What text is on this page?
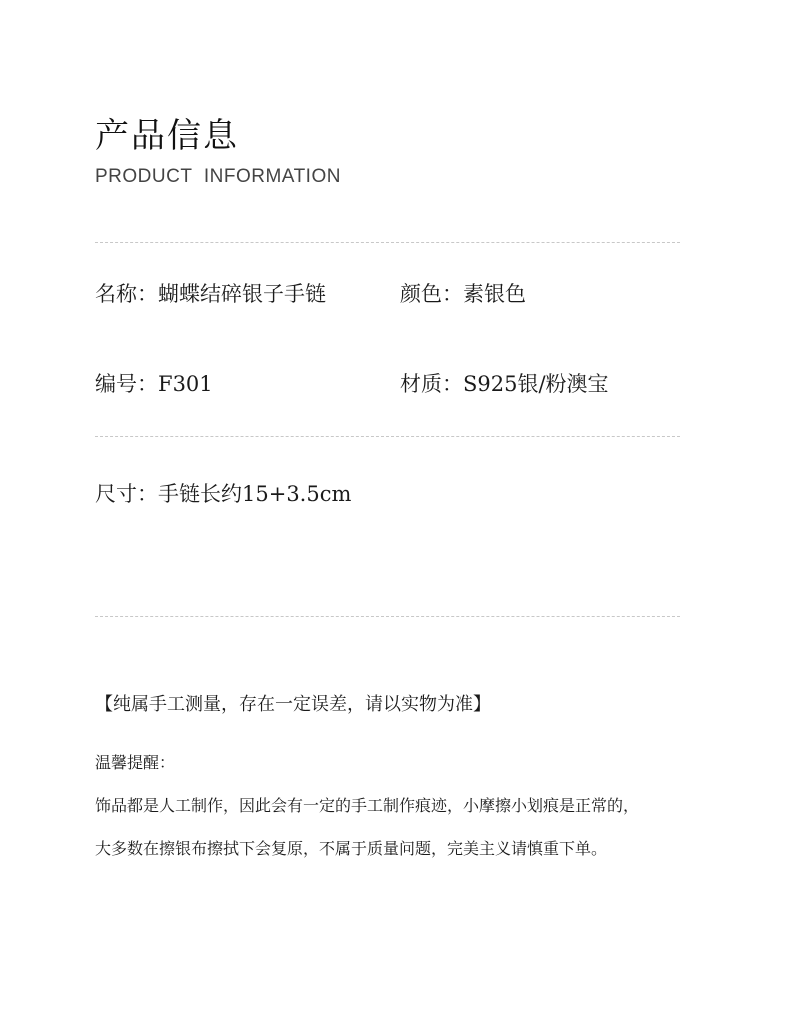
产品信息
PRODUCT INFORMATION
名称：蝴蝶结碎银子手链	颜色：素银色
编号：F301	材质：S925银/粉澳宝
尺寸：手链长约15+3.5cm
【纯属手工测量，存在一定误差，请以实物为准】
温馨提醒：
饰品都是人工制作，因此会有一定的手工制作痕迹，小摩擦小划痕是正常的，
大多数在擦银布擦拭下会复原，不属于质量问题，完美主义请慎重下单。
